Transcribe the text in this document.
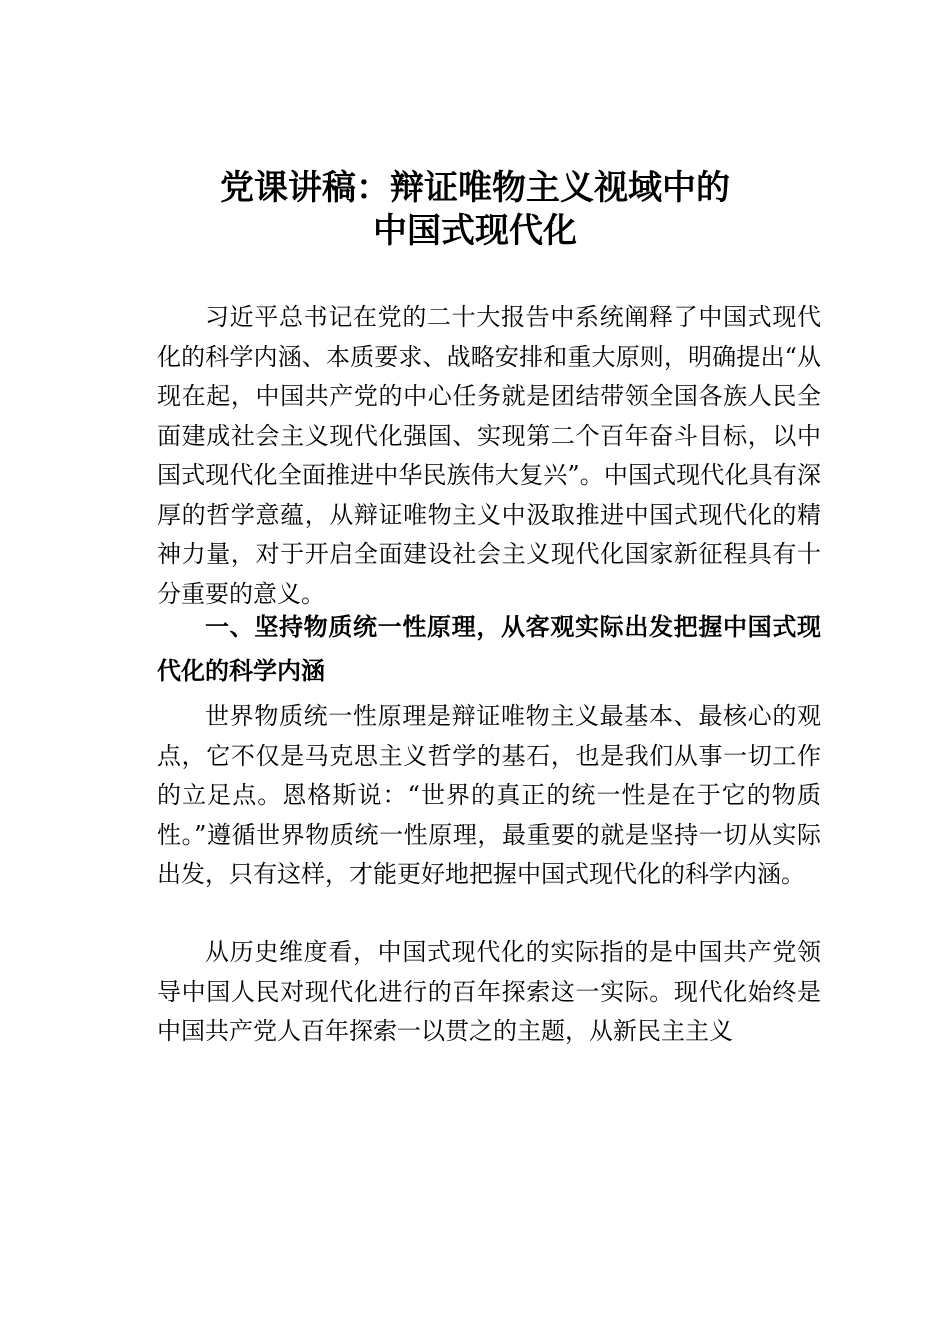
党课讲稿：辩证唯物主义视域中的
中国式现代化

习近平总书记在党的二十大报告中系统阐释了中国式现代化的科学内涵、本质要求、战略安排和重大原则，明确提出“从现在起，中国共产党的中心任务就是团结带领全国各族人民全面建成社会主义现代化强国、实现第二个百年奋斗目标，以中国式现代化全面推进中华民族伟大复兴”。中国式现代化具有深厚的哲学意蕴，从辩证唯物主义中汲取推进中国式现代化的精神力量，对于开启全面建设社会主义现代化国家新征程具有十分重要的意义。

一、坚持物质统一性原理，从客观实际出发把握中国式现代化的科学内涵

世界物质统一性原理是辩证唯物主义最基本、最核心的观点，它不仅是马克思主义哲学的基石，也是我们从事一切工作的立足点。恩格斯说：“世界的真正的统一性是在于它的物质性。”遵循世界物质统一性原理，最重要的就是坚持一切从实际出发，只有这样，才能更好地把握中国式现代化的科学内涵。

从历史维度看，中国式现代化的实际指的是中国共产党领导中国人民对现代化进行的百年探索这一实际。现代化始终是中国共产党人百年探索一以贯之的主题，从新民主主义
